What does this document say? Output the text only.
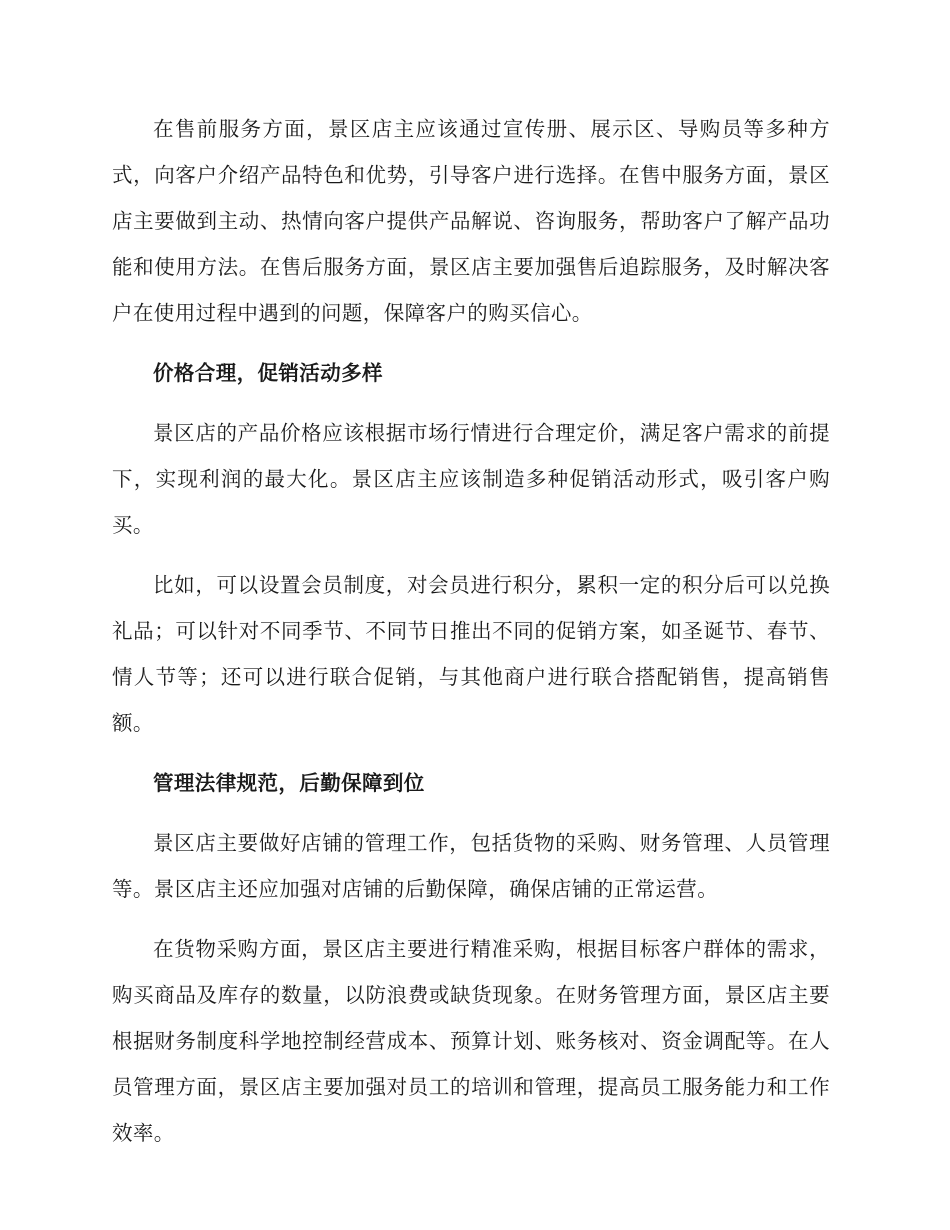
在售前服务方面，景区店主应该通过宣传册、展示区、导购员等多种方式，向客户介绍产品特色和优势，引导客户进行选择。在售中服务方面，景区店主要做到主动、热情向客户提供产品解说、咨询服务，帮助客户了解产品功能和使用方法。在售后服务方面，景区店主要加强售后追踪服务，及时解决客户在使用过程中遇到的问题，保障客户的购买信心。

价格合理，促销活动多样

景区店的产品价格应该根据市场行情进行合理定价，满足客户需求的前提下，实现利润的最大化。景区店主应该制造多种促销活动形式，吸引客户购买。

比如，可以设置会员制度，对会员进行积分，累积一定的积分后可以兑换礼品；可以针对不同季节、不同节日推出不同的促销方案，如圣诞节、春节、情人节等；还可以进行联合促销，与其他商户进行联合搭配销售，提高销售额。

管理法律规范，后勤保障到位

景区店主要做好店铺的管理工作，包括货物的采购、财务管理、人员管理等。景区店主还应加强对店铺的后勤保障，确保店铺的正常运营。

在货物采购方面，景区店主要进行精准采购，根据目标客户群体的需求，购买商品及库存的数量，以防浪费或缺货现象。在财务管理方面，景区店主要根据财务制度科学地控制经营成本、预算计划、账务核对、资金调配等。在人员管理方面，景区店主要加强对员工的培训和管理，提高员工服务能力和工作效率。
